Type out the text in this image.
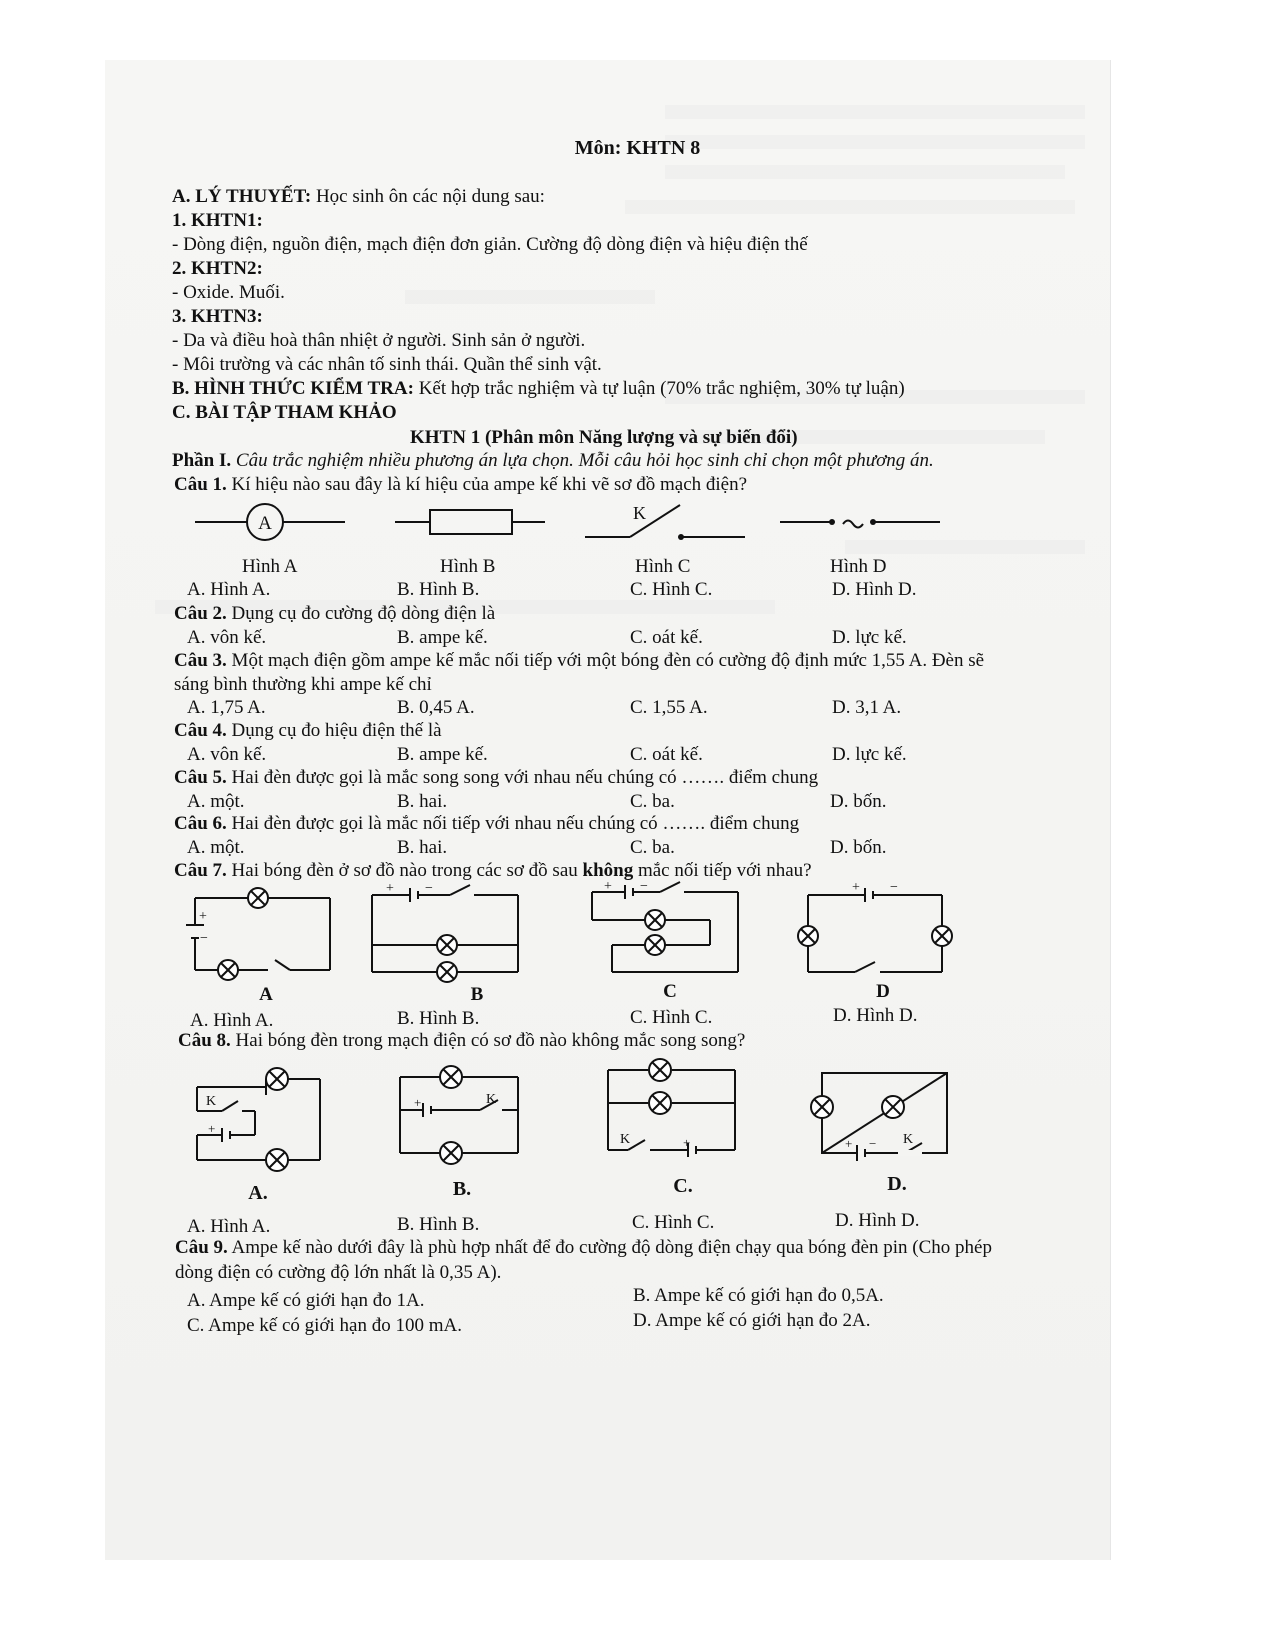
Môn: KHTN 8
A. LÝ THUYẾT: Học sinh ôn các nội dung sau:
1. KHTN1:
- Dòng điện, nguồn điện, mạch điện đơn giản. Cường độ dòng điện và hiệu điện thế
2. KHTN2:
- Oxide. Muối.
3. KHTN3:
- Da và điều hoà thân nhiệt ở người. Sinh sản ở người.
- Môi trường và các nhân tố sinh thái. Quần thể sinh vật.
B. HÌNH THỨC KIỂM TRA: Kết hợp trắc nghiệm và tự luận (70% trắc nghiệm, 30% tự luận)
C. BÀI TẬP THAM KHẢO
KHTN 1 (Phân môn Năng lượng và sự biến đổi)
Phần I. Câu trắc nghiệm nhiều phương án lựa chọn. Mỗi câu hỏi học sinh chỉ chọn một phương án.
Câu 1. Kí hiệu nào sau đây là kí hiệu của ampe kế khi vẽ sơ đồ mạch điện?
A	K
Hình A	Hình B	Hình C	Hình D
A. Hình A.	B. Hình B.	C. Hình C.	D. Hình D.
Câu 2. Dụng cụ đo cường độ dòng điện là
A. vôn kế.	B. ampe kế.	C. oát kế.	D. lực kế.
Câu 3. Một mạch điện gồm ampe kế mắc nối tiếp với một bóng đèn có cường độ định mức 1,55 A. Đèn sẽ
sáng bình thường khi ampe kế chỉ
A. 1,75 A.	B. 0,45 A.	C. 1,55 A.	D. 3,1 A.
Câu 4. Dụng cụ đo hiệu điện thế là
A. vôn kế.	B. ampe kế.	C. oát kế.	D. lực kế.
Câu 5. Hai đèn được gọi là mắc song song với nhau nếu chúng có ……. điểm chung
A. một.	B. hai.	C. ba.	D. bốn.
Câu 6. Hai đèn được gọi là mắc nối tiếp với nhau nếu chúng có ……. điểm chung
A. một.	B. hai.	C. ba.	D. bốn.
Câu 7. Hai bóng đèn ở sơ đồ nào trong các sơ đồ sau không mắc nối tiếp với nhau?
+
−
+ −	+ −	+ −
A	B	C	D
A. Hình A.	B. Hình B.	C. Hình C.	D. Hình D.
Câu 8. Hai bóng đèn trong mạch điện có sơ đồ nào không mắc song song?
K
+
+	K
K	+	+ − K
A.	B.	C.	D.
A. Hình A.	B. Hình B.	C. Hình C.	D. Hình D.
Câu 9. Ampe kế nào dưới đây là phù hợp nhất để đo cường độ dòng điện chạy qua bóng đèn pin (Cho phép
dòng điện có cường độ lớn nhất là 0,35 A).
A. Ampe kế có giới hạn đo 1A.	B. Ampe kế có giới hạn đo 0,5A.
C. Ampe kế có giới hạn đo 100 mA.	D. Ampe kế có giới hạn đo 2A.
